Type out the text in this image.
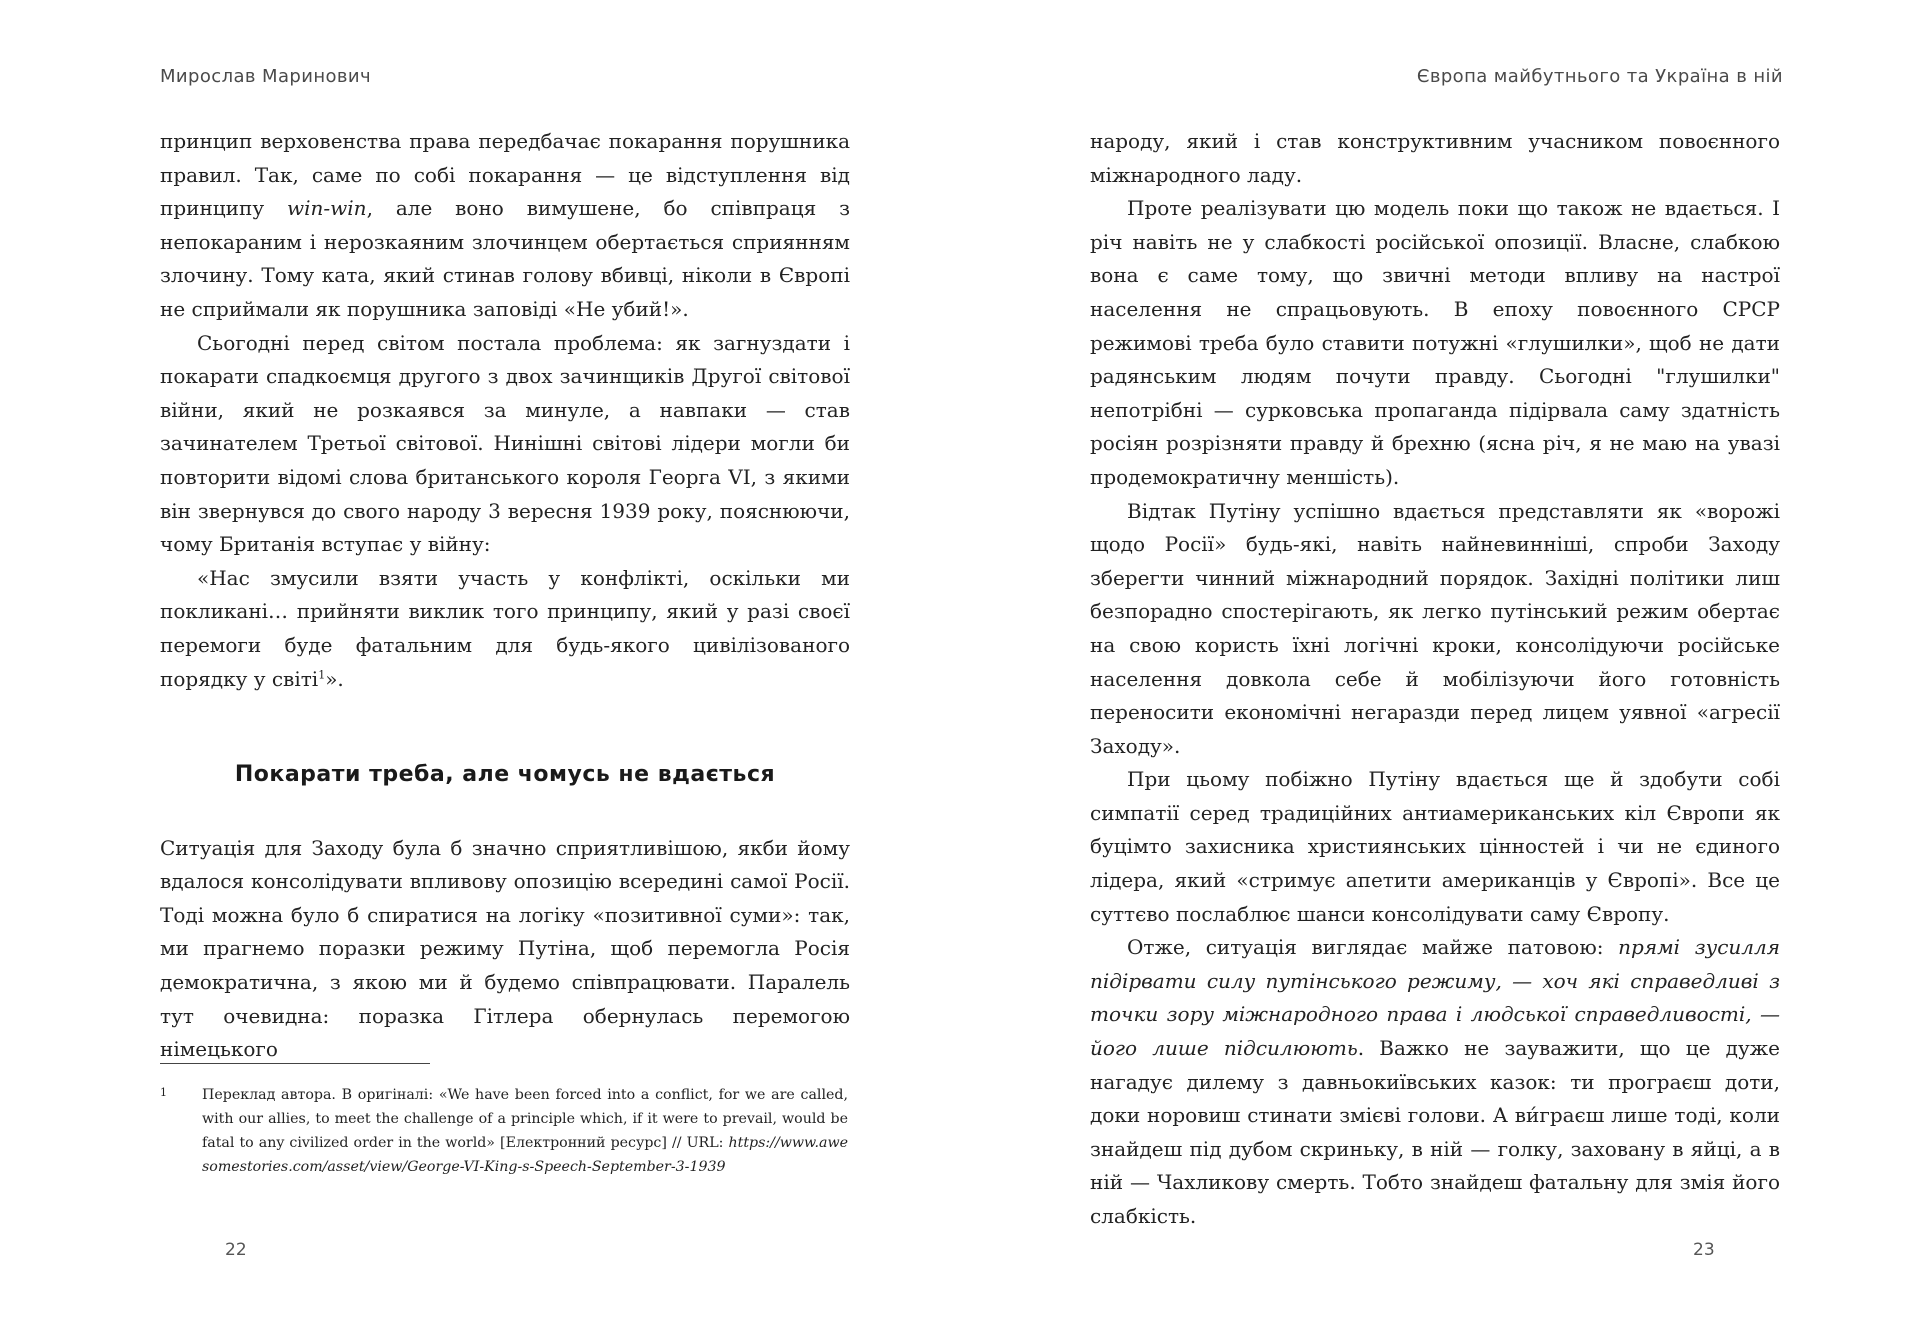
Мирослав Маринович

принцип верховенства права передбачає покарання порушника правил. Так, саме по собі покарання — це відступлення від принципу win-win, але воно вимушене, бо співпраця з непокараним і нерозкаяним злочинцем обертається сприянням злочину. Тому ката, який стинав голову вбивці, ніколи в Європі не сприймали як порушника заповіді «Не убий!».

Сьогодні перед світом постала проблема: як загнуздати і покарати спадкоємця другого з двох зачинщиків Другої світової війни, який не розкаявся за минуле, а навпаки — став зачинателем Третьої світової. Нинішні світові лідери могли би повторити відомі слова британського короля Георга VI, з якими він звернувся до свого народу 3 вересня 1939 року, пояснюючи, чому Британія вступає у війну:

«Нас змусили взяти участь у конфлікті, оскільки ми покликані… прийняти виклик того принципу, який у разі своєї перемоги буде фатальним для будь-якого цивілізованого порядку у світі$^1$».

Покарати треба, але чомусь не вдається

Ситуація для Заходу була б значно сприятливішою, якби йому вдалося консолідувати впливову опозицію всередині самої Росії. Тоді можна було б спиратися на логіку «позитивної суми»: так, ми прагнемо поразки режиму Путіна, щоб перемогла Росія демократична, з якою ми й будемо співпрацювати. Паралель тут очевидна: поразка Гітлера обернулась перемогою німецького

1 Переклад автора. В оригіналі: «We have been forced into a conflict, for we are called, with our allies, to meet the challenge of a principle which, if it were to prevail, would be fatal to any civilized order in the world» [Електронний ресурс] // URL: https://www.awesomestories.com/asset/view/George-VI-King-s-Speech-September-3-1939
22
Європа майбутнього та Україна в ній

народу, який і став конструктивним учасником повоєнного міжнародного ладу.

Проте реалізувати цю модель поки що також не вдається. І річ навіть не у слабкості російської опозиції. Власне, слабкою вона є саме тому, що звичні методи впливу на настрої населення не спрацьовують. В епоху повоєнного СРСР режимові треба було ставити потужні «глушилки», щоб не дати радянським людям почути правду. Сьогодні "глушилки" непотрібні — сурковська пропаганда підірвала саму здатність росіян розрізняти правду й брехню (ясна річ, я не маю на увазі продемократичну меншість).

Відтак Путіну успішно вдається представляти як «ворожі щодо Росії» будь-які, навіть найневинніші, спроби Заходу зберегти чинний міжнародний порядок. Західні політики лиш безпорадно спостерігають, як легко путінський режим обертає на свою користь їхні логічні кроки, консолідуючи російське населення довкола себе й мобілізуючи його готовність переносити економічні негаразди перед лицем уявної «агресії Заходу».

При цьому побіжно Путіну вдається ще й здобути собі симпатії серед традиційних антиамериканських кіл Європи як буцімто захисника християнських цінностей і чи не єдиного лідера, який «стримує апетити американців у Європі». Все це суттєво послаблює шанси консолідувати саму Європу.

Отже, ситуація виглядає майже патовою: прямі зусилля підірвати силу путінського режиму, — хоч які справедливі з точки зору міжнародного права і людської справедливості, — його лише підсилюють. Важко не зауважити, що це дуже нагадує дилему з давньокиївських казок: ти програєш доти, доки норовиш стинати змієві голови. А ви́граєш лише тоді, коли знайдеш під дубом скриньку, в ній — голку, заховану в яйці, а в ній — Чахликову смерть. Тобто знайдеш фатальну для змія його слабкість.

23
